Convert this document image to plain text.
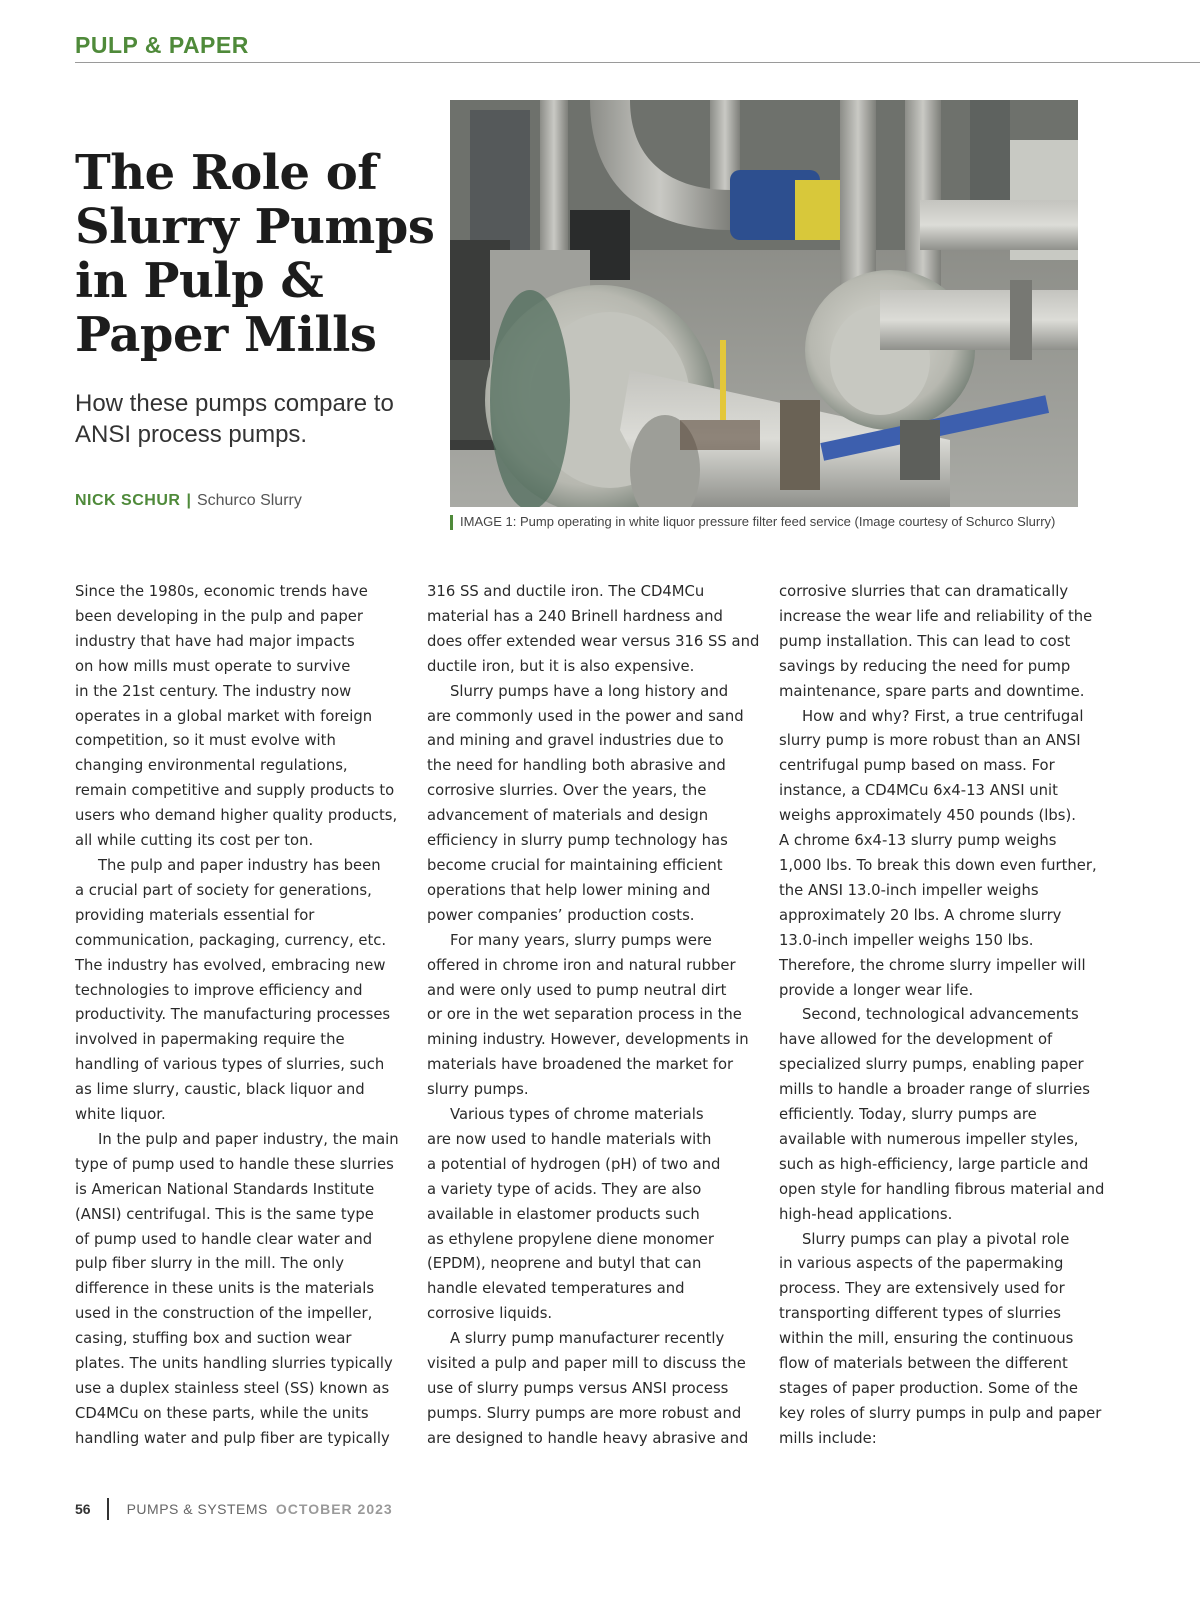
PULP & PAPER
The Role of
Slurry Pumps
in Pulp &
Paper Mills
How these pumps compare to
ANSI process pumps.
NICK SCHUR | Schurco Slurry
IMAGE 1: Pump operating in white liquor pressure filter feed service (Image courtesy of Schurco Slurry)
Since the 1980s, economic trends have
been developing in the pulp and paper
industry that have had major impacts
on how mills must operate to survive
in the 21st century. The industry now
operates in a global market with foreign
competition, so it must evolve with
changing environmental regulations,
remain competitive and supply products to
users who demand higher quality products,
all while cutting its cost per ton.
The pulp and paper industry has been
a crucial part of society for generations,
providing materials essential for
communication, packaging, currency, etc.
The industry has evolved, embracing new
technologies to improve efficiency and
productivity. The manufacturing processes
involved in papermaking require the
handling of various types of slurries, such
as lime slurry, caustic, black liquor and
white liquor.
In the pulp and paper industry, the main
type of pump used to handle these slurries
is American National Standards Institute
(ANSI) centrifugal. This is the same type
of pump used to handle clear water and
pulp fiber slurry in the mill. The only
difference in these units is the materials
used in the construction of the impeller,
casing, stuffing box and suction wear
plates. The units handling slurries typically
use a duplex stainless steel (SS) known as
CD4MCu on these parts, while the units
handling water and pulp fiber are typically
316 SS and ductile iron. The CD4MCu
material has a 240 Brinell hardness and
does offer extended wear versus 316 SS and
ductile iron, but it is also expensive.
Slurry pumps have a long history and
are commonly used in the power and sand
and mining and gravel industries due to
the need for handling both abrasive and
corrosive slurries. Over the years, the
advancement of materials and design
efficiency in slurry pump technology has
become crucial for maintaining efficient
operations that help lower mining and
power companies’ production costs.
For many years, slurry pumps were
offered in chrome iron and natural rubber
and were only used to pump neutral dirt
or ore in the wet separation process in the
mining industry. However, developments in
materials have broadened the market for
slurry pumps.
Various types of chrome materials
are now used to handle materials with
a potential of hydrogen (pH) of two and
a variety type of acids. They are also
available in elastomer products such
as ethylene propylene diene monomer
(EPDM), neoprene and butyl that can
handle elevated temperatures and
corrosive liquids.
A slurry pump manufacturer recently
visited a pulp and paper mill to discuss the
use of slurry pumps versus ANSI process
pumps. Slurry pumps are more robust and
are designed to handle heavy abrasive and
corrosive slurries that can dramatically
increase the wear life and reliability of the
pump installation. This can lead to cost
savings by reducing the need for pump
maintenance, spare parts and downtime.
How and why? First, a true centrifugal
slurry pump is more robust than an ANSI
centrifugal pump based on mass. For
instance, a CD4MCu 6x4-13 ANSI unit
weighs approximately 450 pounds (lbs).
A chrome 6x4-13 slurry pump weighs
1,000 lbs. To break this down even further,
the ANSI 13.0-inch impeller weighs
approximately 20 lbs. A chrome slurry
13.0-inch impeller weighs 150 lbs.
Therefore, the chrome slurry impeller will
provide a longer wear life.
Second, technological advancements
have allowed for the development of
specialized slurry pumps, enabling paper
mills to handle a broader range of slurries
efficiently. Today, slurry pumps are
available with numerous impeller styles,
such as high-efficiency, large particle and
open style for handling fibrous material and
high-head applications.
Slurry pumps can play a pivotal role
in various aspects of the papermaking
process. They are extensively used for
transporting different types of slurries
within the mill, ensuring the continuous
flow of materials between the different
stages of paper production. Some of the
key roles of slurry pumps in pulp and paper
mills include:
56	PUMPS & SYSTEMS OCTOBER 2023
